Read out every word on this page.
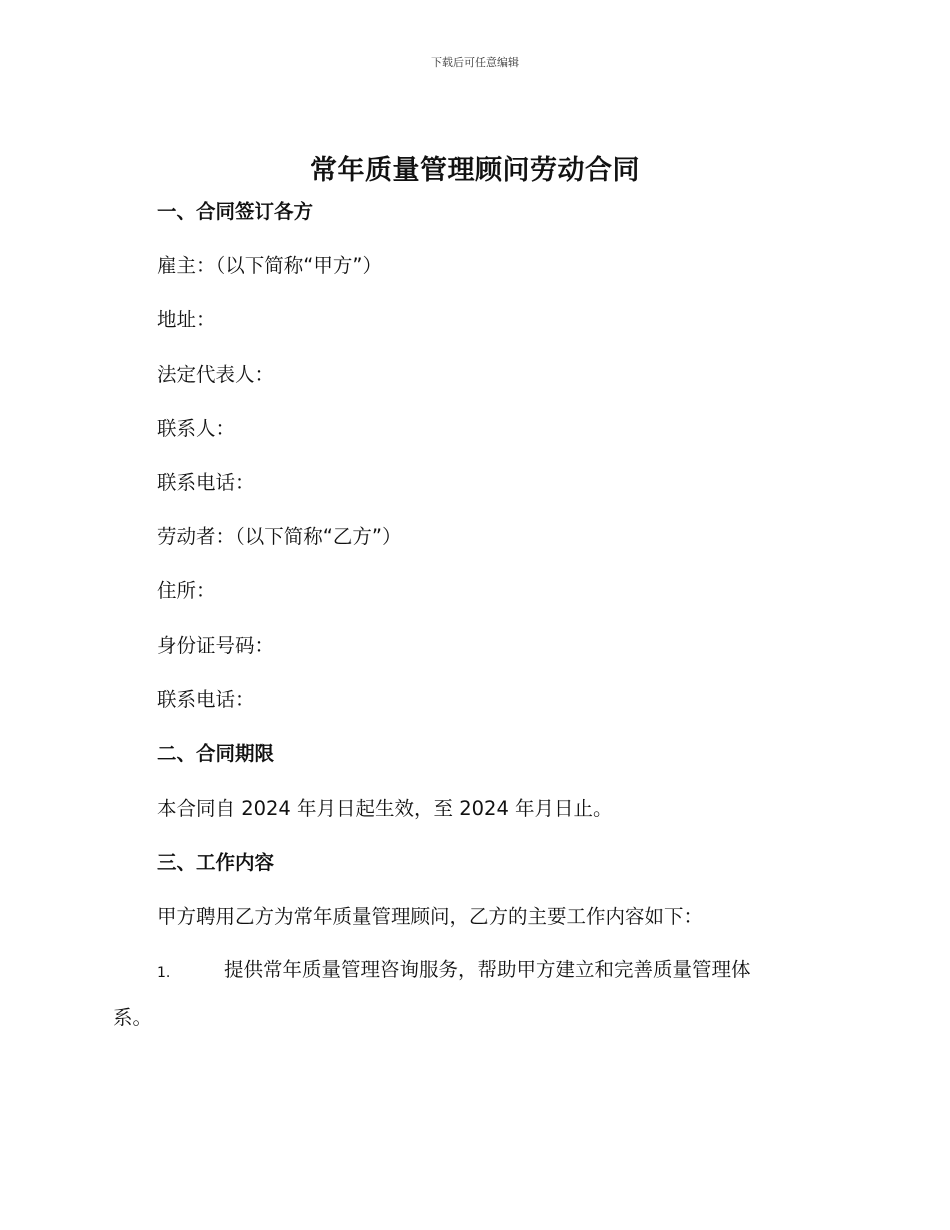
下载后可任意编辑
常年质量管理顾问劳动合同
一、合同签订各方
雇主：（以下简称“甲方”）
地址：
法定代表人：
联系人：
联系电话：
劳动者：（以下简称“乙方”）
住所：
身份证号码：
联系电话：
二、合同期限
本合同自 2024 年月日起生效，至 2024 年月日止。
三、工作内容
甲方聘用乙方为常年质量管理顾问，乙方的主要工作内容如下：
1.	提供常年质量管理咨询服务，帮助甲方建立和完善质量管理体
系。
